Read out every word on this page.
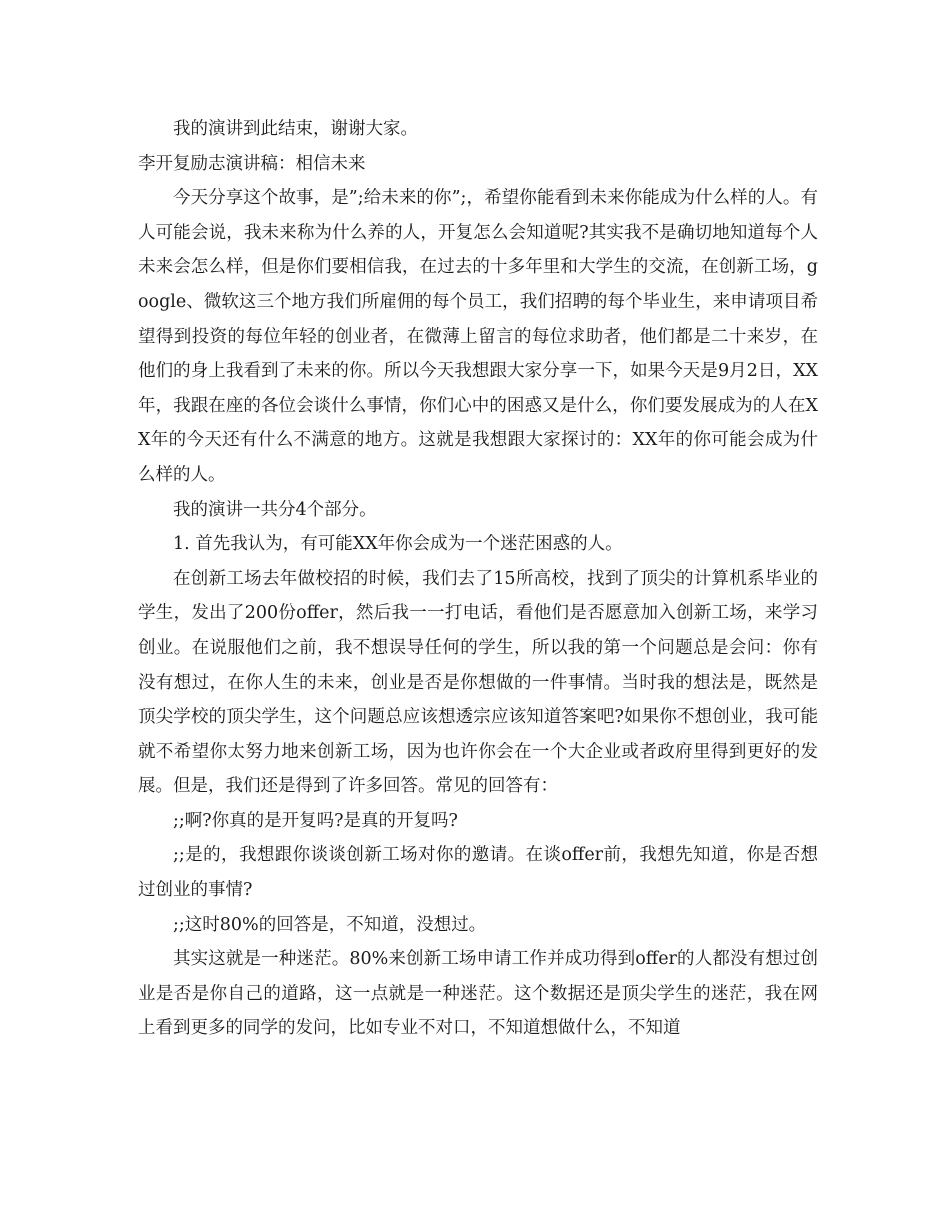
我的演讲到此结束，谢谢大家。

李开复励志演讲稿：相信未来

今天分享这个故事，是”;给未来的你”;，希望你能看到未来你能成为什么样的人。有人可能会说，我未来称为什么养的人，开复怎么会知道呢?其实我不是确切地知道每个人未来会怎么样，但是你们要相信我，在过去的十多年里和大学生的交流，在创新工场，google、微软这三个地方我们所雇佣的每个员工，我们招聘的每个毕业生，来申请项目希望得到投资的每位年轻的创业者，在微薄上留言的每位求助者，他们都是二十来岁，在他们的身上我看到了未来的你。所以今天我想跟大家分享一下，如果今天是9月2日，XX年，我跟在座的各位会谈什么事情，你们心中的困惑又是什么，你们要发展成为的人在XX年的今天还有什么不满意的地方。这就是我想跟大家探讨的：XX年的你可能会成为什么样的人。

我的演讲一共分4个部分。

1. 首先我认为，有可能XX年你会成为一个迷茫困惑的人。

在创新工场去年做校招的时候，我们去了15所高校，找到了顶尖的计算机系毕业的学生，发出了200份offer，然后我一一打电话，看他们是否愿意加入创新工场，来学习创业。在说服他们之前，我不想误导任何的学生，所以我的第一个问题总是会问：你有没有想过，在你人生的未来，创业是否是你想做的一件事情。当时我的想法是，既然是顶尖学校的顶尖学生，这个问题总应该想透宗应该知道答案吧?如果你不想创业，我可能就不希望你太努力地来创新工场，因为也许你会在一个大企业或者政府里得到更好的发展。但是，我们还是得到了许多回答。常见的回答有：

;;啊?你真的是开复吗?是真的开复吗?

;;是的，我想跟你谈谈创新工场对你的邀请。在谈offer前，我想先知道，你是否想过创业的事情?

;;这时80%的回答是，不知道，没想过。

其实这就是一种迷茫。80%来创新工场申请工作并成功得到offer的人都没有想过创业是否是你自己的道路，这一点就是一种迷茫。这个数据还是顶尖学生的迷茫，我在网上看到更多的同学的发问，比如专业不对口，不知道想做什么，不知道
